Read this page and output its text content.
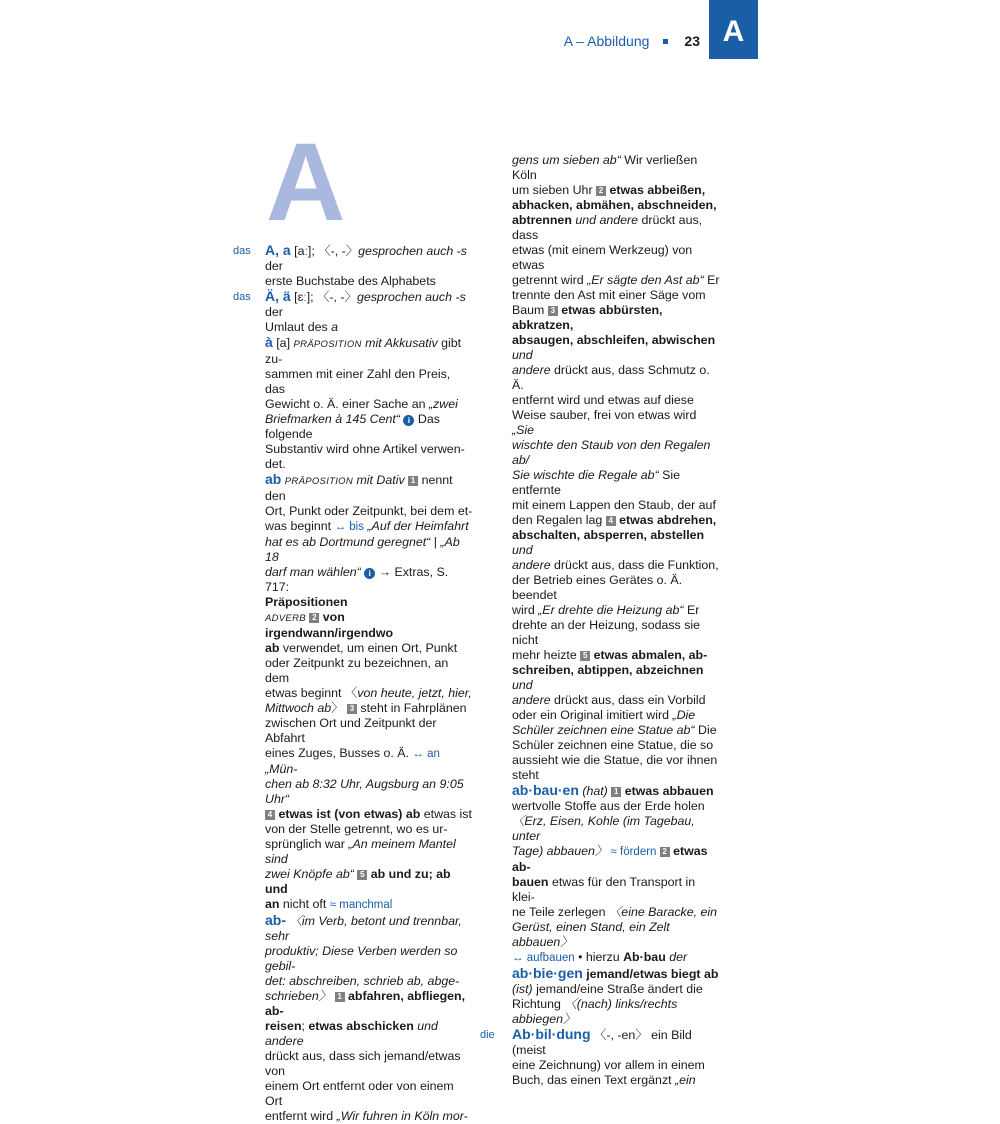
A
A – Abbildung	23
A
das A, a [aː]; 〈-, -〉gesprochen auch -s der
erste Buchstabe des Alphabets
das Ä, ä [ɛː]; 〈-, -〉gesprochen auch -s der
Umlaut des a
à [a] PRÄPOSITION mit Akkusativ gibt zu-
sammen mit einer Zahl den Preis, das
Gewicht o. Ä. einer Sache an „zwei
Briefmarken à 145 Cent“ i Das folgende
Substantiv wird ohne Artikel verwen-
det.
ab PRÄPOSITION mit Dativ 1 nennt den
Ort, Punkt oder Zeitpunkt, bei dem et-
was beginnt ↔ bis „Auf der Heimfahrt
hat es ab Dortmund geregnet“ | „Ab 18
darf man wählen“ i → Extras, S. 717:
Präpositionen
ADVERB 2 von irgendwann/irgendwo
ab verwendet, um einen Ort, Punkt
oder Zeitpunkt zu bezeichnen, an dem
etwas beginnt 〈von heute, jetzt, hier,
Mittwoch ab〉 3 steht in Fahrplänen
zwischen Ort und Zeitpunkt der Abfahrt
eines Zuges, Busses o. Ä. ↔ an „Mün-
chen ab 8:32 Uhr, Augsburg an 9:05 Uhr“
4 etwas ist (von etwas) ab etwas ist
von der Stelle getrennt, wo es ur-
sprünglich war „An meinem Mantel sind
zwei Knöpfe ab“ 5 ab und zu; ab und
an nicht oft ≈ manchmal
ab- 〈im Verb, betont und trennbar, sehr
produktiv; Diese Verben werden so gebil-
det: abschreiben, schrieb ab, abge-
schrieben〉 1 abfahren, abfliegen, ab-
reisen; etwas abschicken und andere
drückt aus, dass sich jemand/etwas von
einem Ort entfernt oder von einem Ort
entfernt wird „Wir fuhren in Köln mor-
gens um sieben ab“ Wir verließen Köln
um sieben Uhr 2 etwas abbeißen,
abhacken, abmähen, abschneiden,
abtrennen und andere drückt aus, dass
etwas (mit einem Werkzeug) von etwas
getrennt wird „Er sägte den Ast ab“ Er
trennte den Ast mit einer Säge vom
Baum 3 etwas abbürsten, abkratzen,
absaugen, abschleifen, abwischen und
andere drückt aus, dass Schmutz o. Ä.
entfernt wird und etwas auf diese
Weise sauber, frei von etwas wird „Sie
wischte den Staub von den Regalen ab/
Sie wischte die Regale ab“ Sie entfernte
mit einem Lappen den Staub, der auf
den Regalen lag 4 etwas abdrehen,
abschalten, absperren, abstellen und
andere drückt aus, dass die Funktion,
der Betrieb eines Gerätes o. Ä. beendet
wird „Er drehte die Heizung ab“ Er
drehte an der Heizung, sodass sie nicht
mehr heizte 5 etwas abmalen, ab-
schreiben, abtippen, abzeichnen und
andere drückt aus, dass ein Vorbild
oder ein Original imitiert wird „Die
Schüler zeichnen eine Statue ab“ Die
Schüler zeichnen eine Statue, die so
aussieht wie die Statue, die vor ihnen
steht
ab·bau·en (hat) 1 etwas abbauen
wertvolle Stoffe aus der Erde holen
〈Erz, Eisen, Kohle (im Tagebau, unter
Tage) abbauen〉 ≈ fördern 2 etwas ab-
bauen etwas für den Transport in klei-
ne Teile zerlegen 〈eine Baracke, ein
Gerüst, einen Stand, ein Zelt abbauen〉
↔ aufbauen • hierzu Ab·bau der
ab·bie·gen jemand/etwas biegt ab
(ist) jemand/eine Straße ändert die
Richtung 〈(nach) links/rechts abbiegen〉
die Ab·bil·dung 〈-, -en〉 ein Bild (meist
eine Zeichnung) vor allem in einem
Buch, das einen Text ergänzt „ein
